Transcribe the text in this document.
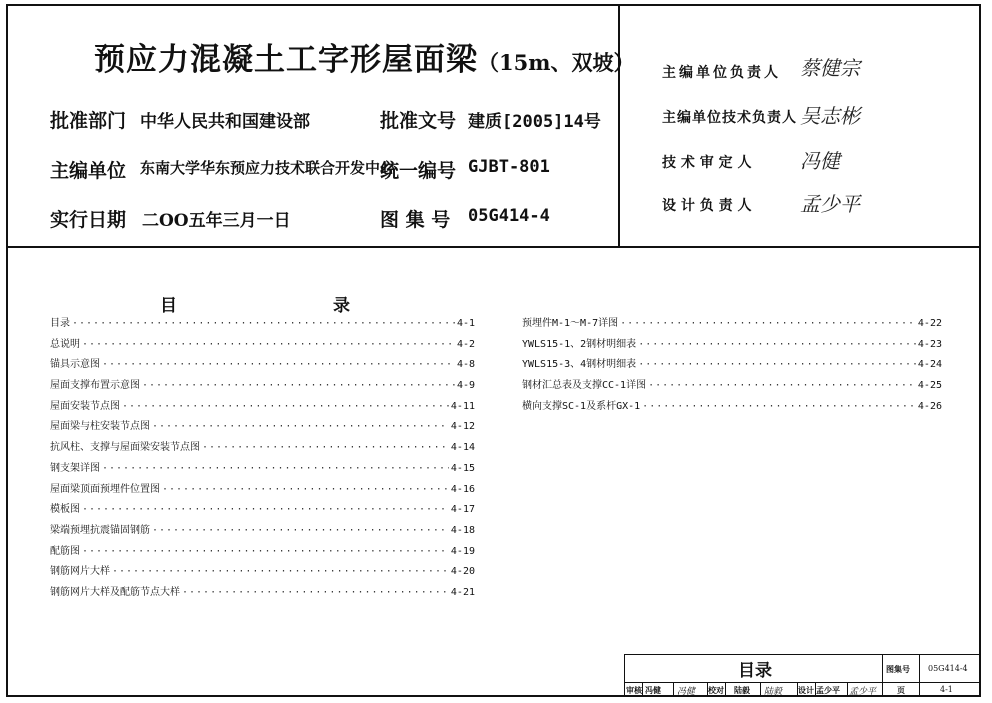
预应力混凝土工字形屋面梁（15m、双坡）
批准部门 中华人民共和国建设部
主编单位 东南大学华东预应力技术联合开发中心
实行日期 二OO五年三月一日
批准文号 建质[2005]14号
统一编号 GJBT-801
图 集 号 05G414-4
主编单位负责人 蔡健宗
主编单位技术负责人 吴志彬
技 术 审 定 人 冯健
设 计 负 责 人 孟少平
目	录
目录 ·····	4-1
总说明 ·····	4-2
锚具示意图 ·····	4-8
屋面支撑布置示意图 ·····	4-9
屋面安装节点图 ·····	4-11
屋面梁与柱安装节点图 ·····	4-12
抗风柱、支撑与屋面梁安装节点图 ·····	4-14
钢支架详图 ·····	4-15
屋面梁顶面预埋件位置图 ·····	4-16
模板图 ·····	4-17
梁端预埋抗震锚固钢筋 ·····	4-18
配筋图 ·····	4-19
钢筋网片大样 ·····	4-20
钢筋网片大样及配筋节点大样 ·····	4-21
预埋件M-1～M-7详图 ·····	4-22
YWLS15-1、2钢材明细表 ·····	4-23
YWLS15-3、4钢材明细表 ·····	4-24
钢材汇总表及支撑CC-1详图 ·····	4-25
横向支撑SC-1及系杆GX-1 ·····	4-26
目录	图集号 05G414-4
页	4-1
审核 冯健 冯健 校对 陆毅 陆毅 设计 孟少平 孟少平
